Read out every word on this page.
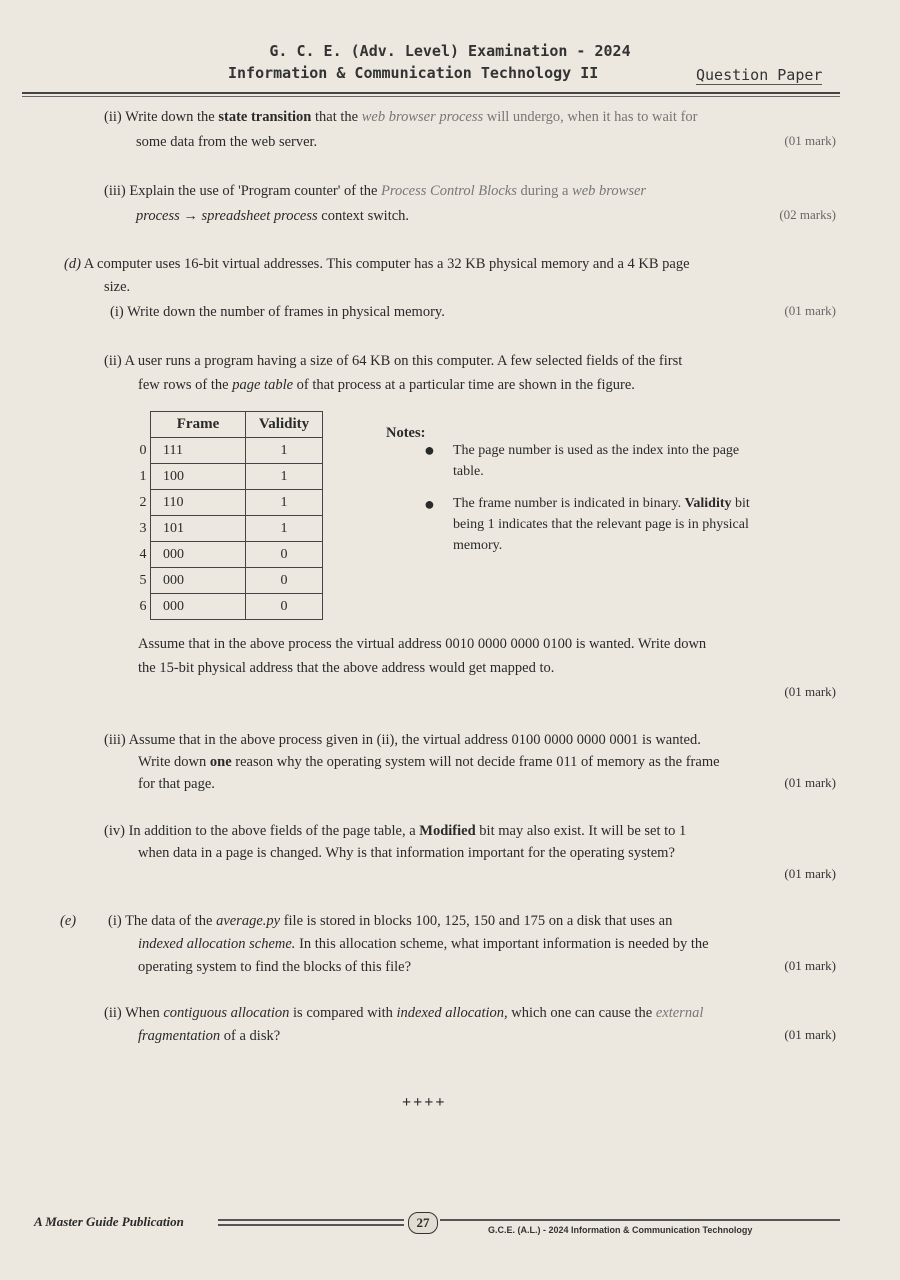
G. C. E. (Adv. Level) Examination - 2024
Information & Communication Technology II	Question Paper
(ii) Write down the state transition that the web browser process will undergo, when it has to wait for
some data from the web server.	(01 mark)
(iii) Explain the use of 'Program counter' of the Process Control Blocks during a web browser
process → spreadsheet process context switch.	(02 marks)
(d) A computer uses 16-bit virtual addresses. This computer has a 32 KB physical memory and a 4 KB page
size.
(i) Write down the number of frames in physical memory.	(01 mark)
(ii) A user runs a program having a size of 64 KB on this computer. A few selected fields of the first
few rows of the page table of that process at a particular time are shown in the figure.
	Frame	Validity
0	111	1
1	100	1
2	110	1
3	101	1
4	000	0
5	000	0
6	000	0
Notes:
● The page number is used as the index into the page
table.
● The frame number is indicated in binary. Validity bit
being 1 indicates that the relevant page is in physical
memory.
Assume that in the above process the virtual address 0010 0000 0000 0100 is wanted. Write down
the 15-bit physical address that the above address would get mapped to.
(01 mark)
(iii) Assume that in the above process given in (ii), the virtual address 0100 0000 0000 0001 is wanted.
Write down one reason why the operating system will not decide frame 011 of memory as the frame
for that page.	(01 mark)
(iv) In addition to the above fields of the page table, a Modified bit may also exist. It will be set to 1
when data in a page is changed. Why is that information important for the operating system?
(01 mark)
(e) (i) The data of the average.py file is stored in blocks 100, 125, 150 and 175 on a disk that uses an
indexed allocation scheme. In this allocation scheme, what important information is needed by the
operating system to find the blocks of this file?	(01 mark)
(ii) When contiguous allocation is compared with indexed allocation, which one can cause the external
fragmentation of a disk?	(01 mark)
++++
A Master Guide Publication	27	G.C.E. (A.L.) - 2024 Information & Communication Technology
